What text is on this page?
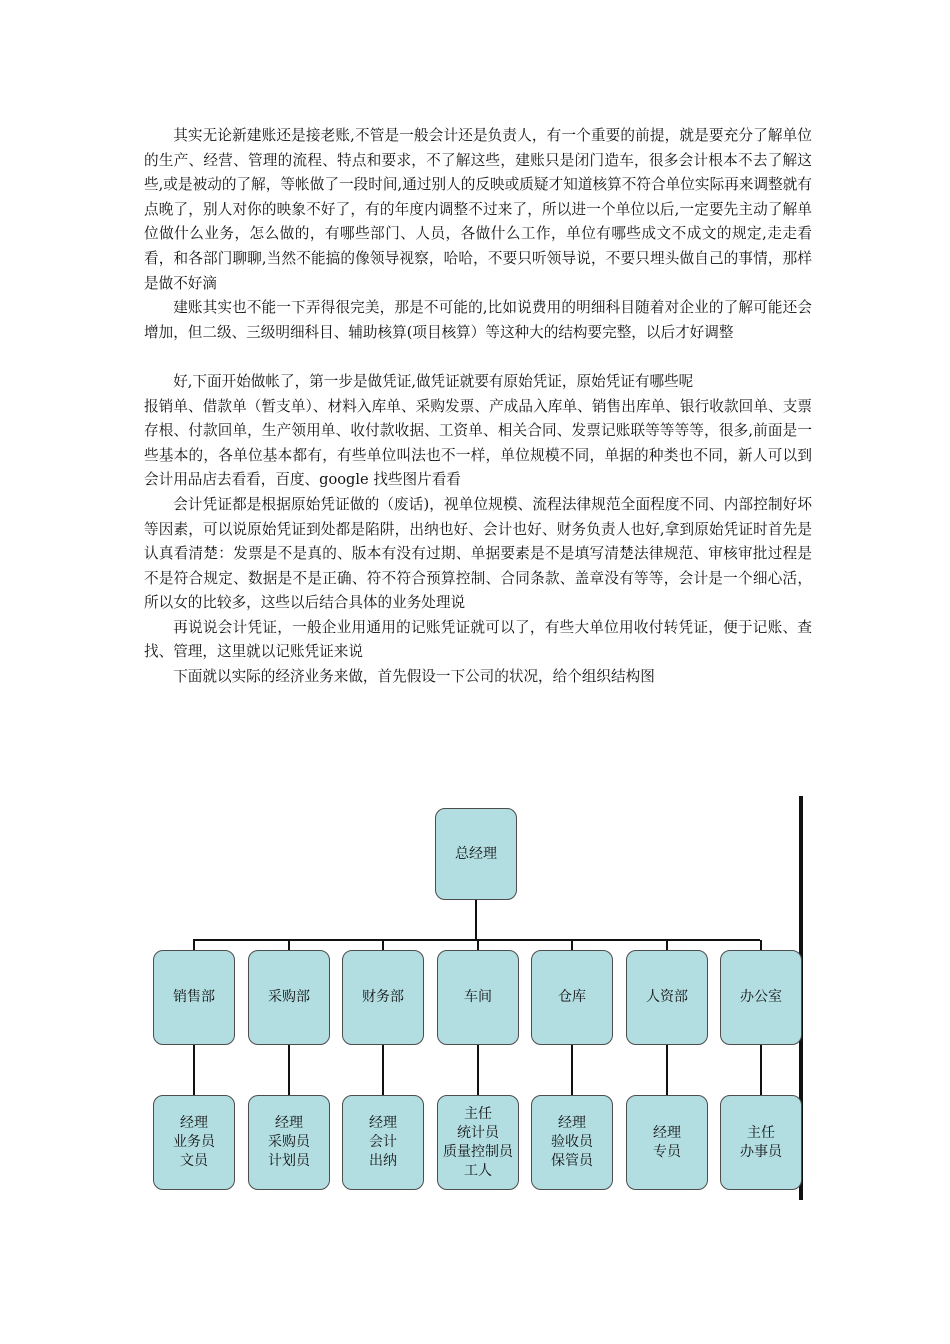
其实无论新建账还是接老账,不管是一般会计还是负责人，有一个重要的前提，就是要充分了解单位的生产、经营、管理的流程、特点和要求，不了解这些，建账只是闭门造车，很多会计根本不去了解这些,或是被动的了解，等帐做了一段时间,通过别人的反映或质疑才知道核算不符合单位实际再来调整就有点晚了，别人对你的映象不好了，有的年度内调整不过来了，所以进一个单位以后,一定要先主动了解单位做什么业务，怎么做的，有哪些部门、人员，各做什么工作，单位有哪些成文不成文的规定,走走看看，和各部门聊聊,当然不能搞的像领导视察，哈哈，不要只听领导说，不要只埋头做自己的事情，那样是做不好滴

建账其实也不能一下弄得很完美，那是不可能的,比如说费用的明细科目随着对企业的了解可能还会增加，但二级、三级明细科目、辅助核算(项目核算）等这种大的结构要完整，以后才好调整

好,下面开始做帐了，第一步是做凭证,做凭证就要有原始凭证，原始凭证有哪些呢

报销单、借款单（暂支单）、材料入库单、采购发票、产成品入库单、销售出库单、银行收款回单、支票存根、付款回单，生产领用单、收付款收据、工资单、相关合同、发票记账联等等等等，很多,前面是一些基本的，各单位基本都有，有些单位叫法也不一样，单位规模不同，单据的种类也不同，新人可以到会计用品店去看看，百度、google 找些图片看看

会计凭证都是根据原始凭证做的（废话)，视单位规模、流程法律规范全面程度不同、内部控制好坏等因素，可以说原始凭证到处都是陷阱，出纳也好、会计也好、财务负责人也好,拿到原始凭证时首先是认真看清楚：发票是不是真的、版本有没有过期、单据要素是不是填写清楚法律规范、审核审批过程是不是符合规定、数据是不是正确、符不符合预算控制、合同条款、盖章没有等等，会计是一个细心活，所以女的比较多，这些以后结合具体的业务处理说

再说说会计凭证，一般企业用通用的记账凭证就可以了，有些大单位用收付转凭证，便于记账、查找、管理，这里就以记账凭证来说

下面就以实际的经济业务来做，首先假设一下公司的状况，给个组织结构图

总经理
销售部
经理
业务员
文员
采购部
经理
采购员
计划员
财务部
经理
会计
出纳
车间
主任
统计员
质量控制员
工人
仓库
经理
验收员
保管员
人资部
经理
专员
办公室
主任
办事员
